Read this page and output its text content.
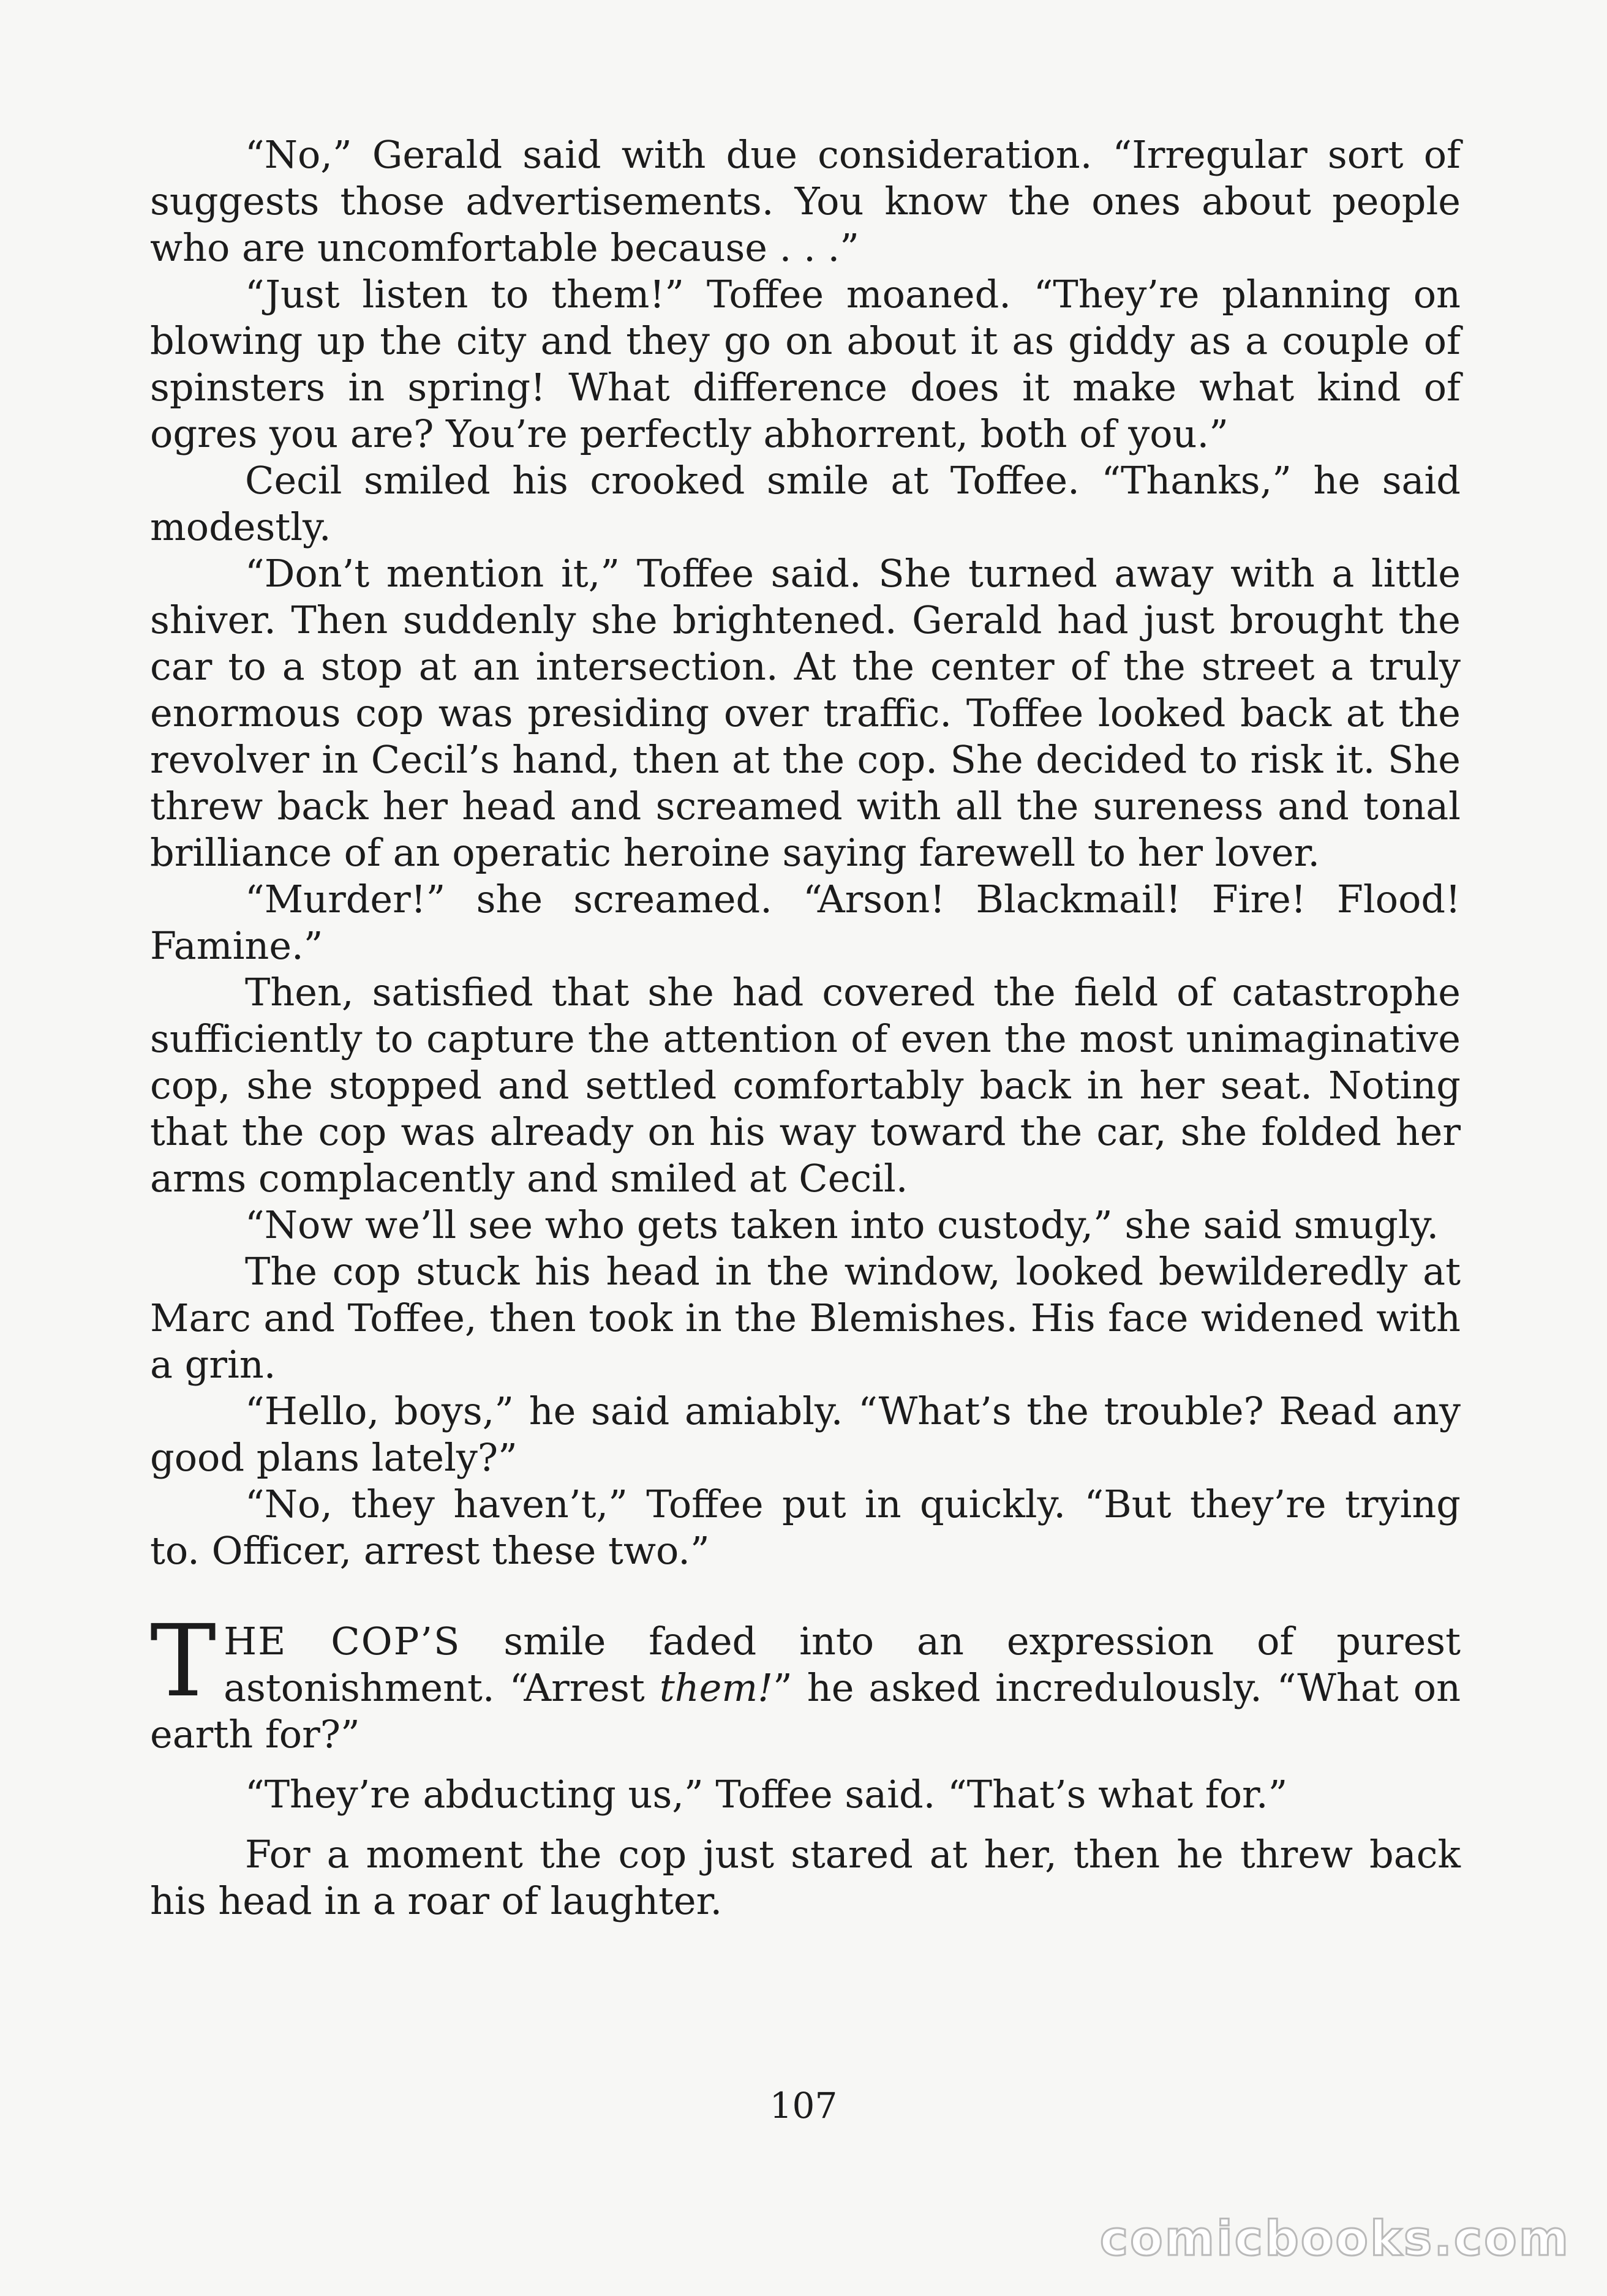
“No,” Gerald said with due consideration. “Irregular sort of suggests those advertisements. You know the ones about people who are uncomfortable because . . .”

“Just listen to them!” Toffee moaned. “They’re planning on blowing up the city and they go on about it as giddy as a couple of spinsters in spring! What difference does it make what kind of ogres you are? You’re perfectly abhorrent, both of you.”

Cecil smiled his crooked smile at Toffee. “Thanks,” he said modestly.

“Don’t mention it,” Toffee said. She turned away with a little shiver. Then suddenly she brightened. Gerald had just brought the car to a stop at an intersection. At the center of the street a truly enormous cop was presiding over traffic. Toffee looked back at the revolver in Cecil’s hand, then at the cop. She decided to risk it. She threw back her head and screamed with all the sureness and tonal brilliance of an operatic heroine saying farewell to her lover.

“Murder!” she screamed. “Arson! Blackmail! Fire! Flood! Famine.”

Then, satisfied that she had covered the field of catastrophe sufficiently to capture the attention of even the most unimaginative cop, she stopped and settled comfortably back in her seat. Noting that the cop was already on his way toward the car, she folded her arms complacently and smiled at Cecil.

“Now we’ll see who gets taken into custody,” she said smugly.

The cop stuck his head in the window, looked bewilderedly at Marc and Toffee, then took in the Blemishes. His face widened with a grin.

“Hello, boys,” he said amiably. “What’s the trouble? Read any good plans lately?”

“No, they haven’t,” Toffee put in quickly. “But they’re trying to. Officer, arrest these two.”

THE COP’S smile faded into an expression of purest astonishment. “Arrest them!” he asked incredulously. “What on earth for?”

“They’re abducting us,” Toffee said. “That’s what for.”

For a moment the cop just stared at her, then he threw back his head in a roar of laughter.

107
comicbooks.com
